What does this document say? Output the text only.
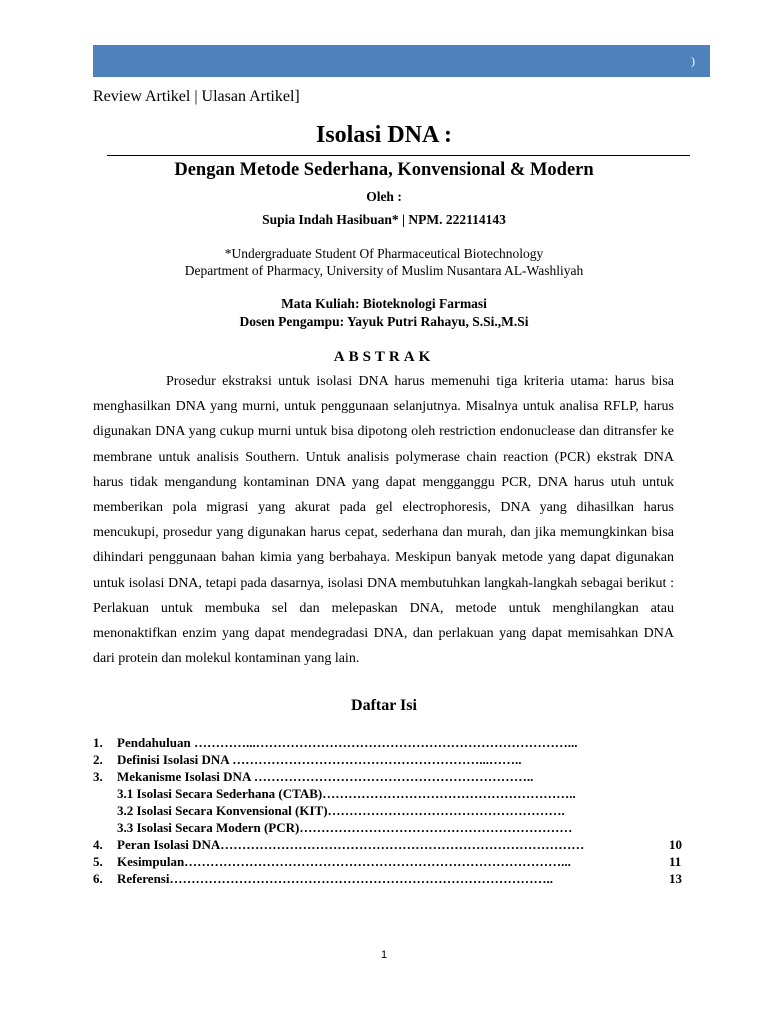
)
Review Artikel | Ulasan Artikel]
Isolasi DNA :
Dengan Metode Sederhana, Konvensional & Modern
Oleh :
Supia Indah Hasibuan* | NPM. 222114143
*Undergraduate Student Of Pharmaceutical Biotechnology
Department of Pharmacy, University of Muslim Nusantara AL-Washliyah
Mata Kuliah: Bioteknologi Farmasi
Dosen Pengampu: Yayuk Putri Rahayu, S.Si.,M.Si
ABSTRAK

Prosedur ekstraksi untuk isolasi DNA harus memenuhi tiga kriteria utama: harus bisa menghasilkan DNA yang murni, untuk penggunaan selanjutnya. Misalnya untuk analisa RFLP, harus digunakan DNA yang cukup murni untuk bisa dipotong oleh restriction endonuclease dan ditransfer ke membrane untuk analisis Southern. Untuk analisis polymerase chain reaction (PCR) ekstrak DNA harus tidak mengandung kontaminan DNA yang dapat mengganggu PCR, DNA harus utuh untuk memberikan pola migrasi yang akurat pada gel electrophoresis, DNA yang dihasilkan harus mencukupi, prosedur yang digunakan harus cepat, sederhana dan murah, dan jika memungkinkan bisa dihindari penggunaan bahan kimia yang berbahaya. Meskipun banyak metode yang dapat digunakan untuk isolasi DNA, tetapi pada dasarnya, isolasi DNA membutuhkan langkah-langkah sebagai berikut : Perlakuan untuk membuka sel dan melepaskan DNA, metode untuk menghilangkan atau menonaktifkan enzim yang dapat mendegradasi DNA, dan perlakuan yang dapat memisahkan DNA dari protein dan molekul kontaminan yang lain.

Daftar Isi
1. Pendahuluan …………...………………………………………………………………...
2. Definisi Isolasi DNA …………………………………………………...……..
3. Mekanisme Isolasi DNA ………………………………………………………..
3.1 Isolasi Secara Sederhana (CTAB)…………………………………………………..
3.2 Isolasi Secara Konvensional (KIT)……………………………………………….
3.3 Isolasi Secara Modern (PCR)………………………………………………………
4. Peran Isolasi DNA…………………………………………………………………………	10
5. Kesimpulan……………………………………………………………………………...	11
6. Referensi……………………………………………………………………………..	13
1
